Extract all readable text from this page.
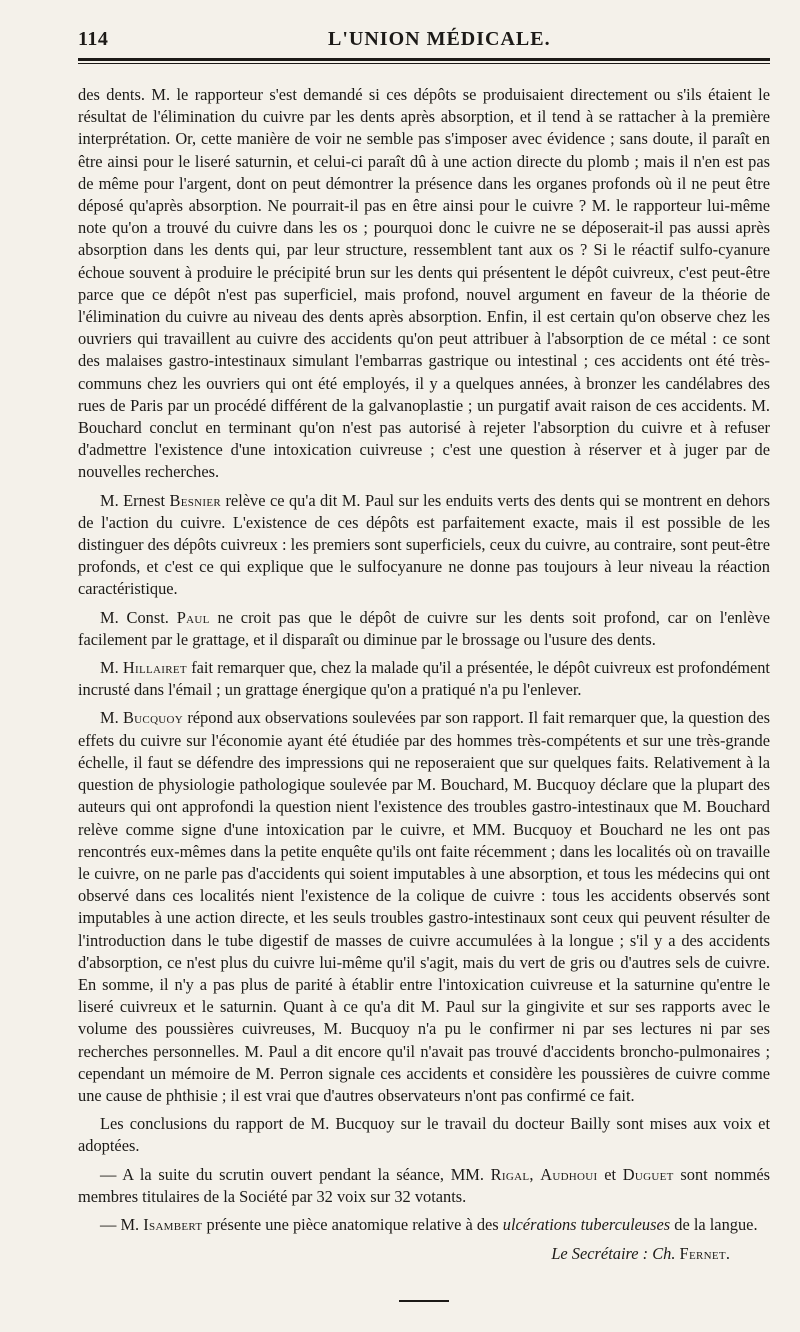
114	L'UNION MÉDICALE.

des dents. M. le rapporteur s'est demandé si ces dépôts se produisaient directement ou s'ils étaient le résultat de l'élimination du cuivre par les dents après absorption, et il tend à se rattacher à la première interprétation. Or, cette manière de voir ne semble pas s'imposer avec évidence ; sans doute, il paraît en être ainsi pour le liseré saturnin, et celui-ci paraît dû à une action directe du plomb ; mais il n'en est pas de même pour l'argent, dont on peut démontrer la présence dans les organes profonds où il ne peut être déposé qu'après absorption. Ne pourrait-il pas en être ainsi pour le cuivre ? M. le rapporteur lui-même note qu'on a trouvé du cuivre dans les os ; pourquoi donc le cuivre ne se déposerait-il pas aussi après absorption dans les dents qui, par leur structure, ressemblent tant aux os ? Si le réactif sulfo-cyanure échoue souvent à produire le précipité brun sur les dents qui présentent le dépôt cuivreux, c'est peut-être parce que ce dépôt n'est pas superficiel, mais profond, nouvel argument en faveur de la théorie de l'élimination du cuivre au niveau des dents après absorption. Enfin, il est certain qu'on observe chez les ouvriers qui travaillent au cuivre des accidents qu'on peut attribuer à l'absorption de ce métal : ce sont des malaises gastro-intestinaux simulant l'embarras gastrique ou intestinal ; ces accidents ont été très-communs chez les ouvriers qui ont été employés, il y a quelques années, à bronzer les candélabres des rues de Paris par un procédé différent de la galvanoplastie ; un purgatif avait raison de ces accidents. M. Bouchard conclut en terminant qu'on n'est pas autorisé à rejeter l'absorption du cuivre et à refuser d'admettre l'existence d'une intoxication cuivreuse ; c'est une question à réserver et à juger par de nouvelles recherches.

M. Ernest Besnier relève ce qu'a dit M. Paul sur les enduits verts des dents qui se montrent en dehors de l'action du cuivre. L'existence de ces dépôts est parfaitement exacte, mais il est possible de les distinguer des dépôts cuivreux : les premiers sont superficiels, ceux du cuivre, au contraire, sont peut-être profonds, et c'est ce qui explique que le sulfocyanure ne donne pas toujours à leur niveau la réaction caractéristique.

M. Const. Paul ne croit pas que le dépôt de cuivre sur les dents soit profond, car on l'enlève facilement par le grattage, et il disparaît ou diminue par le brossage ou l'usure des dents.

M. Hillairet fait remarquer que, chez la malade qu'il a présentée, le dépôt cuivreux est profondément incrusté dans l'émail ; un grattage énergique qu'on a pratiqué n'a pu l'enlever.

M. Bucquoy répond aux observations soulevées par son rapport. Il fait remarquer que, la question des effets du cuivre sur l'économie ayant été étudiée par des hommes très-compétents et sur une très-grande échelle, il faut se défendre des impressions qui ne reposeraient que sur quelques faits. Relativement à la question de physiologie pathologique soulevée par M. Bouchard, M. Bucquoy déclare que la plupart des auteurs qui ont approfondi la question nient l'existence des troubles gastro-intestinaux que M. Bouchard relève comme signe d'une intoxication par le cuivre, et MM. Bucquoy et Bouchard ne les ont pas rencontrés eux-mêmes dans la petite enquête qu'ils ont faite récemment ; dans les localités où on travaille le cuivre, on ne parle pas d'accidents qui soient imputables à une absorption, et tous les médecins qui ont observé dans ces localités nient l'existence de la colique de cuivre : tous les accidents observés sont imputables à une action directe, et les seuls troubles gastro-intestinaux sont ceux qui peuvent résulter de l'introduction dans le tube digestif de masses de cuivre accumulées à la longue ; s'il y a des accidents d'absorption, ce n'est plus du cuivre lui-même qu'il s'agit, mais du vert de gris ou d'autres sels de cuivre. En somme, il n'y a pas plus de parité à établir entre l'intoxication cuivreuse et la saturnine qu'entre le liseré cuivreux et le saturnin. Quant à ce qu'a dit M. Paul sur la gingivite et sur ses rapports avec le volume des poussières cuivreuses, M. Bucquoy n'a pu le confirmer ni par ses lectures ni par ses recherches personnelles. M. Paul a dit encore qu'il n'avait pas trouvé d'accidents broncho-pulmonaires ; cependant un mémoire de M. Perron signale ces accidents et considère les poussières de cuivre comme une cause de phthisie ; il est vrai que d'autres observateurs n'ont pas confirmé ce fait.

Les conclusions du rapport de M. Bucquoy sur le travail du docteur Bailly sont mises aux voix et adoptées.

— A la suite du scrutin ouvert pendant la séance, MM. Rigal, Audhoui et Duguet sont nommés membres titulaires de la Société par 32 voix sur 32 votants.

— M. Isambert présente une pièce anatomique relative à des ulcérations tuberculeuses de la langue.

Le Secrétaire : Ch. Fernet.
